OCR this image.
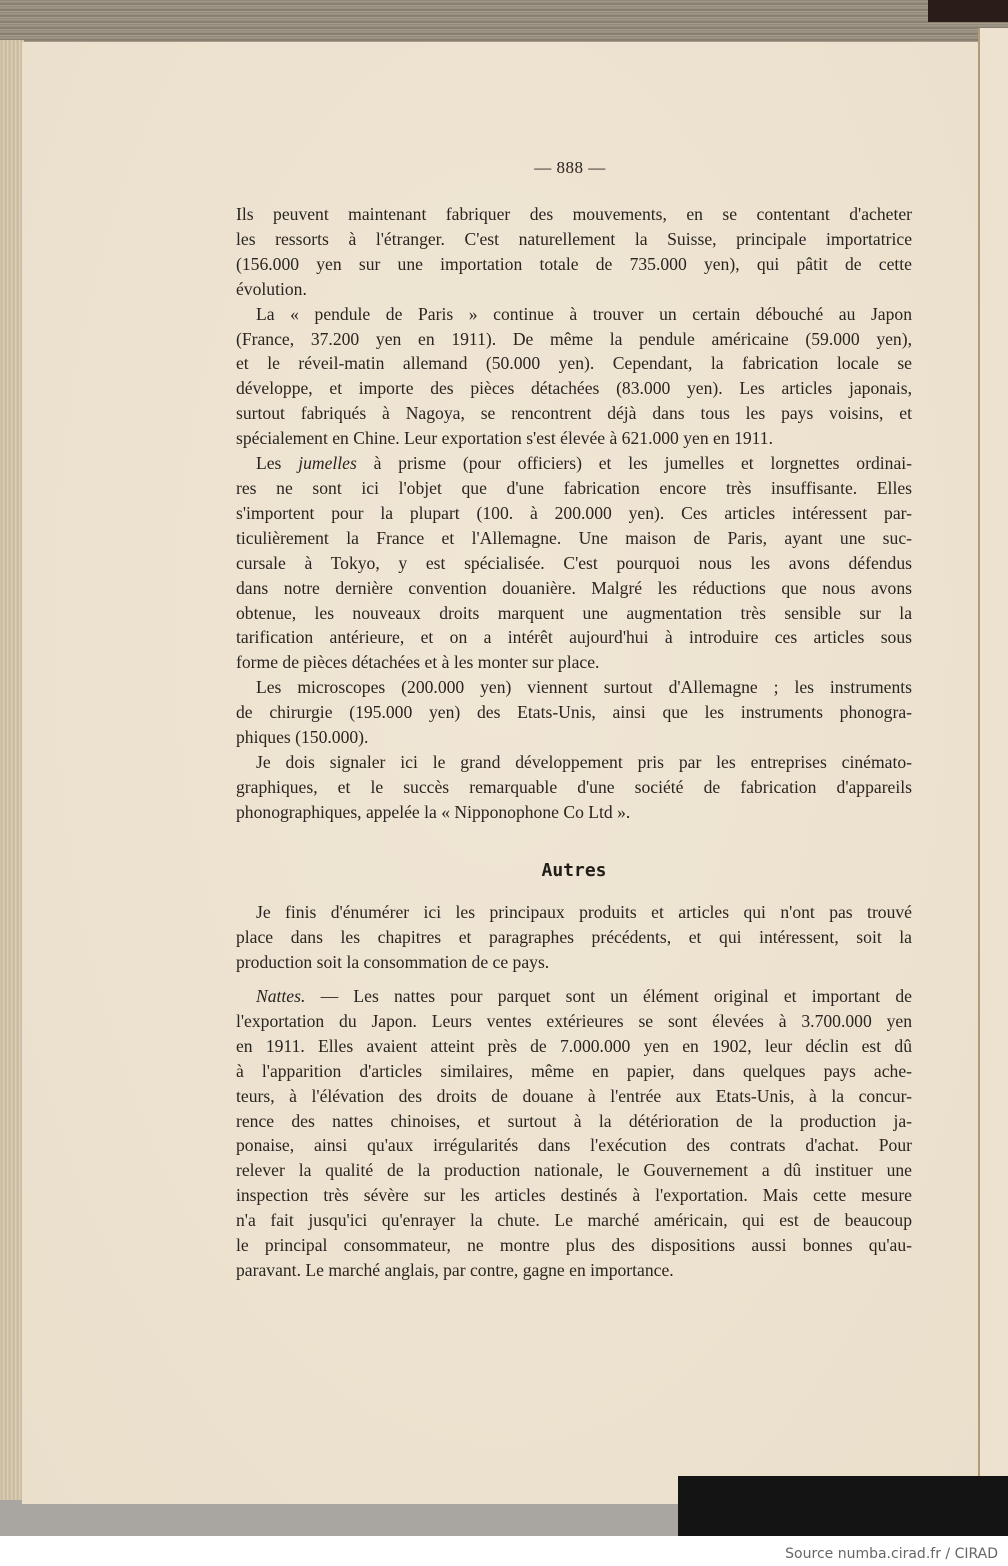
— 888 —

Ils peuvent maintenant fabriquer des mouvements, en se contentant d'acheter
les ressorts à l'étranger. C'est naturellement la Suisse, principale importatrice
(156.000 yen sur une importation totale de 735.000 yen), qui pâtit de cette
évolution.

La « pendule de Paris » continue à trouver un certain débouché au Japon
(France, 37.200 yen en 1911). De même la pendule américaine (59.000 yen),
et le réveil-matin allemand (50.000 yen). Cependant, la fabrication locale se
développe, et importe des pièces détachées (83.000 yen). Les articles japonais,
surtout fabriqués à Nagoya, se rencontrent déjà dans tous les pays voisins, et
spécialement en Chine. Leur exportation s'est élevée à 621.000 yen en 1911.

Les jumelles à prisme (pour officiers) et les jumelles et lorgnettes ordinai-
res ne sont ici l'objet que d'une fabrication encore très insuffisante. Elles
s'importent pour la plupart (100. à 200.000 yen). Ces articles intéressent par-
ticulièrement la France et l'Allemagne. Une maison de Paris, ayant une suc-
cursale à Tokyo, y est spécialisée. C'est pourquoi nous les avons défendus
dans notre dernière convention douanière. Malgré les réductions que nous avons
obtenue, les nouveaux droits marquent une augmentation très sensible sur la
tarification antérieure, et on a intérêt aujourd'hui à introduire ces articles sous
forme de pièces détachées et à les monter sur place.

Les microscopes (200.000 yen) viennent surtout d'Allemagne ; les instruments
de chirurgie (195.000 yen) des Etats-Unis, ainsi que les instruments phonogra-
phiques (150.000).

Je dois signaler ici le grand développement pris par les entreprises cinémato-
graphiques, et le succès remarquable d'une société de fabrication d'appareils
phonographiques, appelée la « Nipponophone Co Ltd ».

Autres

Je finis d'énumérer ici les principaux produits et articles qui n'ont pas trouvé
place dans les chapitres et paragraphes précédents, et qui intéressent, soit la
production soit la consommation de ce pays.

Nattes. — Les nattes pour parquet sont un élément original et important de
l'exportation du Japon. Leurs ventes extérieures se sont élevées à 3.700.000 yen
en 1911. Elles avaient atteint près de 7.000.000 yen en 1902, leur déclin est dû
à l'apparition d'articles similaires, même en papier, dans quelques pays ache-
teurs, à l'élévation des droits de douane à l'entrée aux Etats-Unis, à la concur-
rence des nattes chinoises, et surtout à la détérioration de la production ja-
ponaise, ainsi qu'aux irrégularités dans l'exécution des contrats d'achat. Pour
relever la qualité de la production nationale, le Gouvernement a dû instituer une
inspection très sévère sur les articles destinés à l'exportation. Mais cette mesure
n'a fait jusqu'ici qu'enrayer la chute. Le marché américain, qui est de beaucoup
le principal consommateur, ne montre plus des dispositions aussi bonnes qu'au-
paravant. Le marché anglais, par contre, gagne en importance.

Source numba.cirad.fr / CIRAD
